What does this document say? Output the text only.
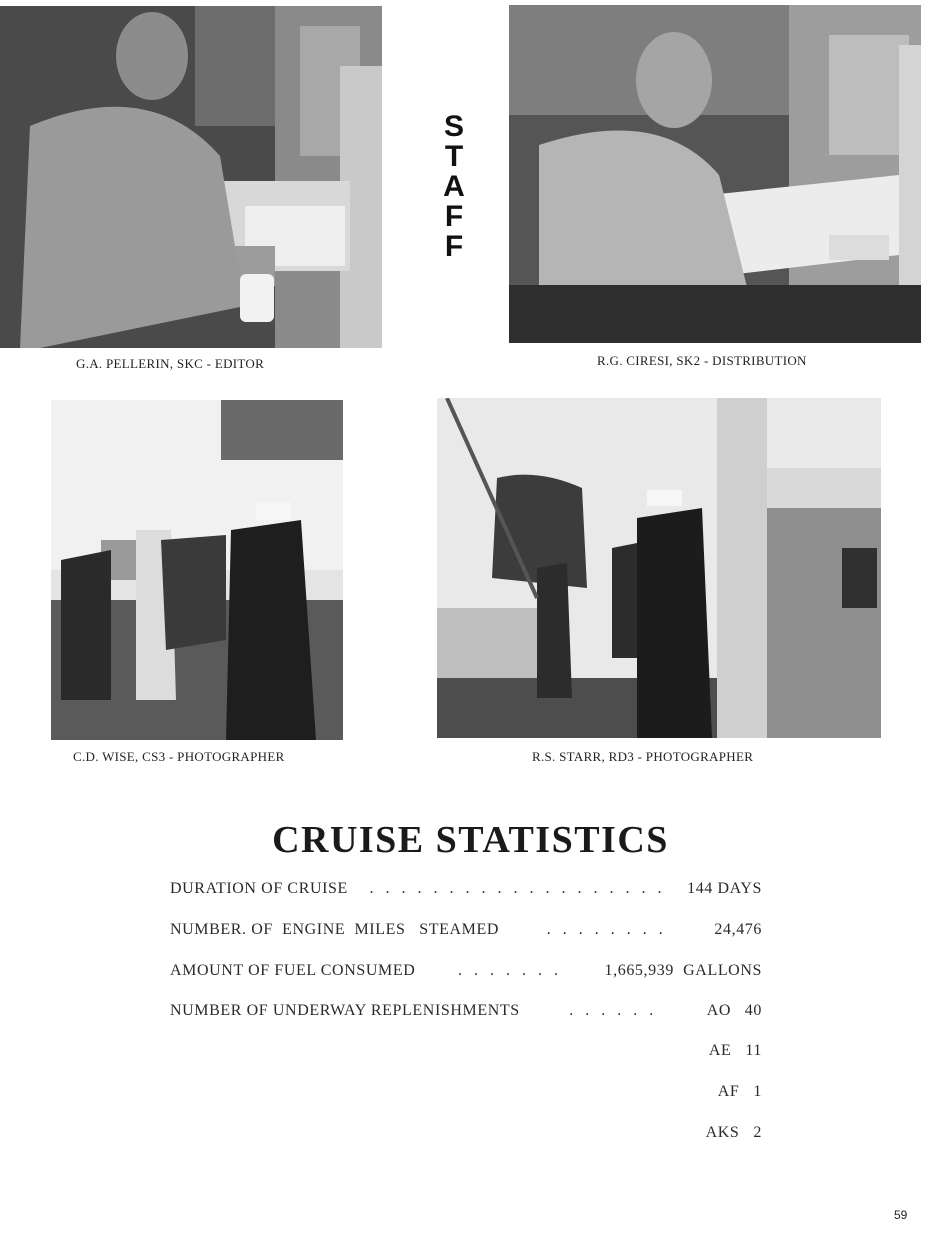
S
T
A
F
F
G.A. PELLERIN, SKC - EDITOR	R.G. CIRESI, SK2 - DISTRIBUTION
C.D. WISE, CS3 - PHOTOGRAPHER	R.S. STARR, RD3 - PHOTOGRAPHER
CRUISE STATISTICS
DURATION OF CRUISE	. . . . . . . . . . . . . . . . . . .	144 DAYS
NUMBER. OF  ENGINE  MILES   STEAMED	. . . . . . . .	24,476
AMOUNT OF FUEL CONSUMED	. . . . . . .	1,665,939  GALLONS
NUMBER OF UNDERWAY REPLENISHMENTS	. . . . . .	AO   40
AE 11
AF 1
AKS 2
59
